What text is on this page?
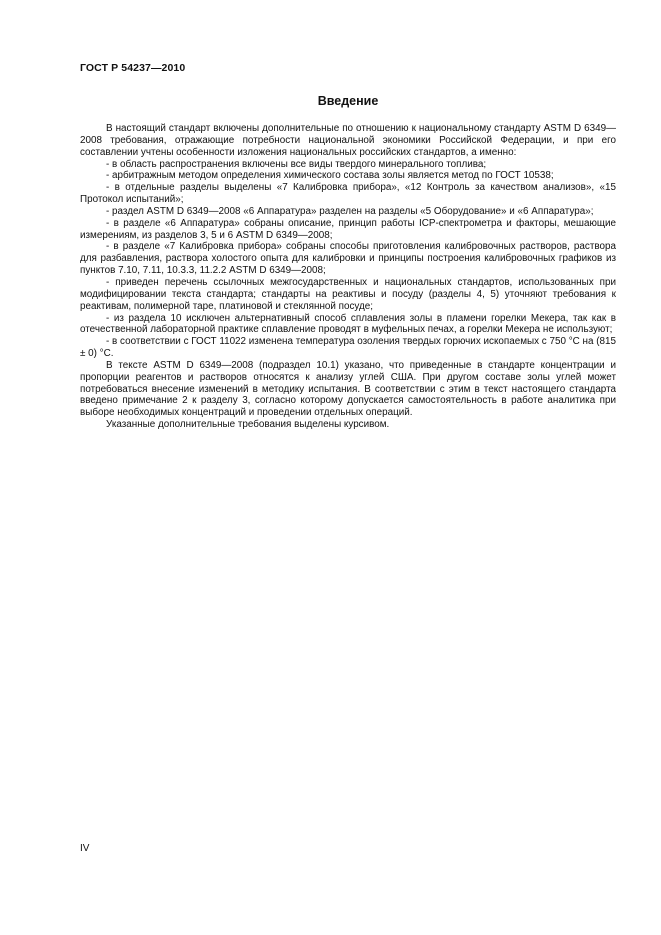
ГОСТ Р 54237—2010
Введение

В настоящий стандарт включены дополнительные по отношению к национальному стандарту ASTM D 6349—2008 требования, отражающие потребности национальной экономики Российской Федерации, и при его составлении учтены особенности изложения национальных российских стандартов, а именно:

- в область распространения включены все виды твердого минерального топлива;

- арбитражным методом определения химического состава золы является метод по ГОСТ 10538;

- в отдельные разделы выделены «7 Калибровка прибора», «12 Контроль за качеством анализов», «15 Протокол испытаний»;

- раздел ASTM D 6349—2008 «6 Аппаратура» разделен на разделы «5 Оборудование» и «6 Аппаратура»;

- в разделе «6 Аппаратура» собраны описание, принцип работы ICP-спектрометра и факторы, мешающие измерениям, из разделов 3, 5 и 6 ASTM D 6349—2008;

- в разделе «7 Калибровка прибора» собраны способы приготовления калибровочных растворов, раствора для разбавления, раствора холостого опыта для калибровки и принципы построения калибровочных графиков из пунктов 7.10, 7.11, 10.3.3, 11.2.2 ASTM D 6349—2008;

- приведен перечень ссылочных межгосударственных и национальных стандартов, использованных при модифицировании текста стандарта; стандарты на реактивы и посуду (разделы 4, 5) уточняют требования к реактивам, полимерной таре, платиновой и стеклянной посуде;

- из раздела 10 исключен альтернативный способ сплавления золы в пламени горелки Мекера, так как в отечественной лабораторной практике сплавление проводят в муфельных печах, а горелки Мекера не используют;

- в соответствии с ГОСТ 11022 изменена температура озоления твердых горючих ископаемых с 750 °С на (815 ± 0) °С.

В тексте ASTM D 6349—2008 (подраздел 10.1) указано, что приведенные в стандарте концентрации и пропорции реагентов и растворов относятся к анализу углей США. При другом составе золы углей может потребоваться внесение изменений в методику испытания. В соответствии с этим в текст настоящего стандарта введено примечание 2 к разделу 3, согласно которому допускается самостоятельность в работе аналитика при выборе необходимых концентраций и проведении отдельных операций.

Указанные дополнительные требования выделены курсивом.

IV
